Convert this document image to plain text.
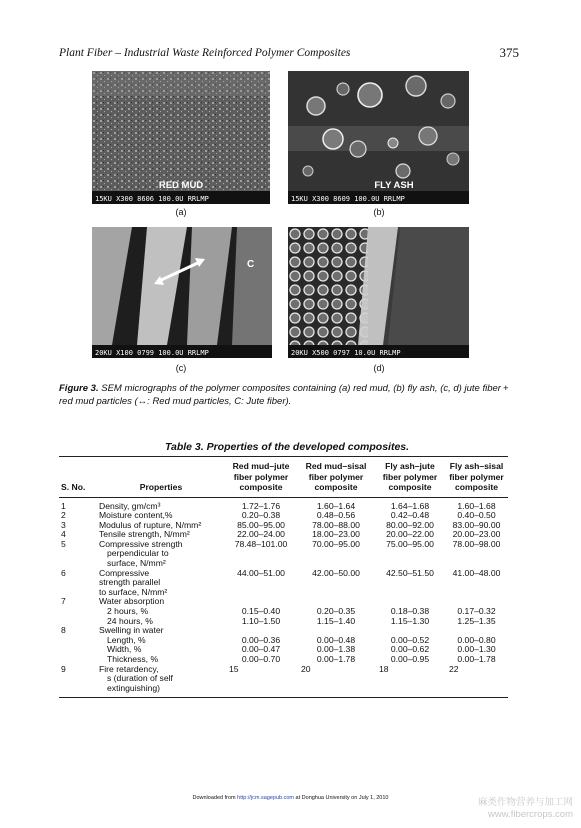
Plant Fiber – Industrial Waste Reinforced Polymer Composites	375
RED MUD
15KU X300 8606 100.0U RRLMP
(a)
FLY ASH
15KU X300 8609 100.0U RRLMP
(b)
C
20KU X100 0799 100.0U RRLMP
(c)
20KU X500 0797 10.0U RRLMP
(d)
Figure 3. SEM micrographs of the polymer composites containing (a) red mud, (b) fly ash, (c, d) jute fiber + red mud particles (↔: Red mud particles, C: Jute fiber).
Table 3. Properties of the developed composites.
S. No.	Properties	Red mud–jute fiber polymer composite	Red mud–sisal fiber polymer composite	Fly ash–jute fiber polymer composite	Fly ash–sisal fiber polymer composite
1	Density, gm/cm³	1.72–1.76	1.60–1.64	1.64–1.68	1.60–1.68
2	Moisture content,%	0.20–0.38	0.48–0.56	0.42–0.48	0.40–0.50
3	Modulus of rupture, N/mm²	85.00–95.00	78.00–88.00	80.00–92.00	83.00–90.00
4	Tensile strength, N/mm²	22.00–24.00	18.00–23.00	20.00–22.00	20.00–23.00
5	Compressive strength	78.48–101.00	70.00–95.00	75.00–95.00	78.00–98.00
	perpendicular to				
	surface, N/mm²				
6	Compressive	44.00–51.00	42.00–50.00	42.50–51.50	41.00–48.00
	strength parallel				
	to surface, N/mm²				
7	Water absorption				
	2 hours, %	0.15–0.40	0.20–0.35	0.18–0.38	0.17–0.32
	24 hours, %	1.10–1.50	1.15–1.40	1.15–1.30	1.25–1.35
8	Swelling in water				
	Length, %	0.00–0.36	0.00–0.48	0.00–0.52	0.00–0.80
	Width, %	0.00–0.47	0.00–1.38	0.00–0.62	0.00–1.30
	Thickness, %	0.00–0.70	0.00–1.78	0.00–0.95	0.00–1.78
9	Fire retardency,	15	20	18	22
	s (duration of self				
	extinguishing)				
Downloaded from http://jcm.sagepub.com at Donghua University on July 1, 2010	麻类作物营养与加工网
www.fibercrops.com
